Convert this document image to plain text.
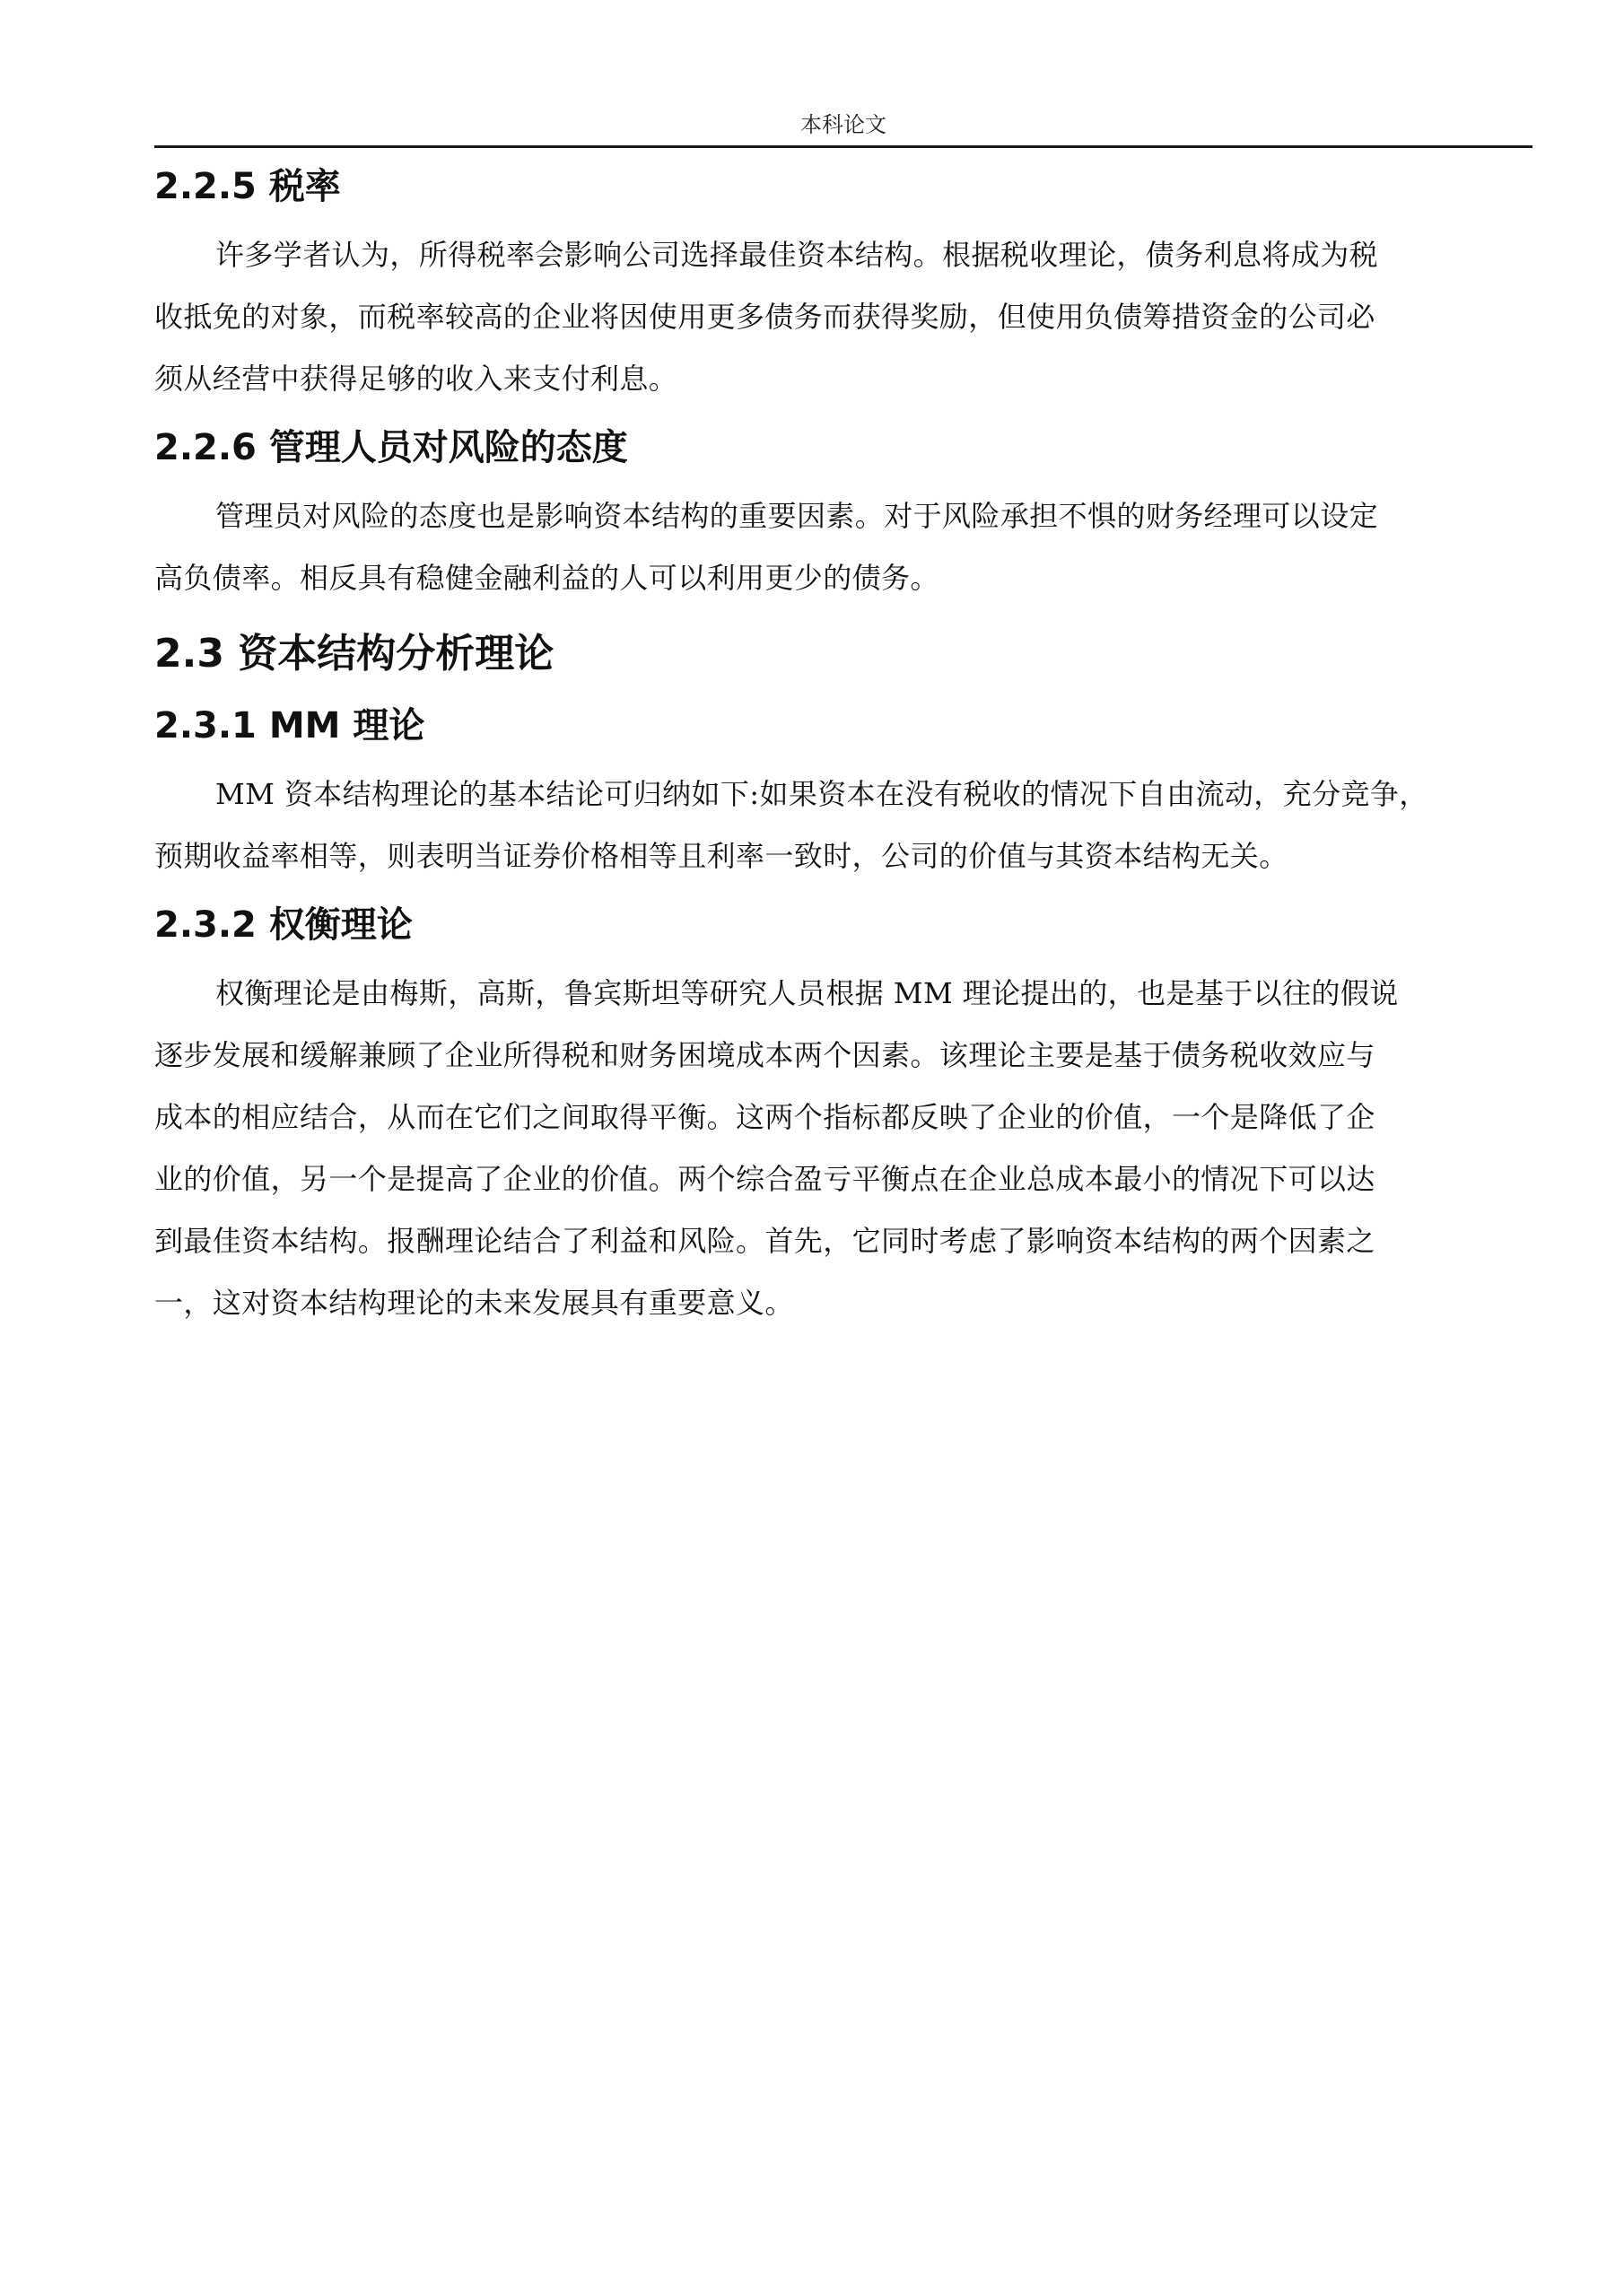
本科论文
2.2.5 税率

许多学者认为，所得税率会影响公司选择最佳资本结构。根据税收理论，债务利息将成为税
收抵免的对象，而税率较高的企业将因使用更多债务而获得奖励，但使用负债筹措资金的公司必
须从经营中获得足够的收入来支付利息。

2.2.6 管理人员对风险的态度

管理员对风险的态度也是影响资本结构的重要因素。对于风险承担不惧的财务经理可以设定
高负债率。相反具有稳健金融利益的人可以利用更少的债务。

2.3 资本结构分析理论
2.3.1 MM 理论

MM 资本结构理论的基本结论可归纳如下:如果资本在没有税收的情况下自由流动，充分竞争，
预期收益率相等，则表明当证券价格相等且利率一致时，公司的价值与其资本结构无关。

2.3.2 权衡理论

权衡理论是由梅斯，高斯，鲁宾斯坦等研究人员根据 MM 理论提出的，也是基于以往的假说
逐步发展和缓解兼顾了企业所得税和财务困境成本两个因素。该理论主要是基于债务税收效应与
成本的相应结合，从而在它们之间取得平衡。这两个指标都反映了企业的价值，一个是降低了企
业的价值，另一个是提高了企业的价值。两个综合盈亏平衡点在企业总成本最小的情况下可以达
到最佳资本结构。报酬理论结合了利益和风险。首先，它同时考虑了影响资本结构的两个因素之
一，这对资本结构理论的未来发展具有重要意义。
